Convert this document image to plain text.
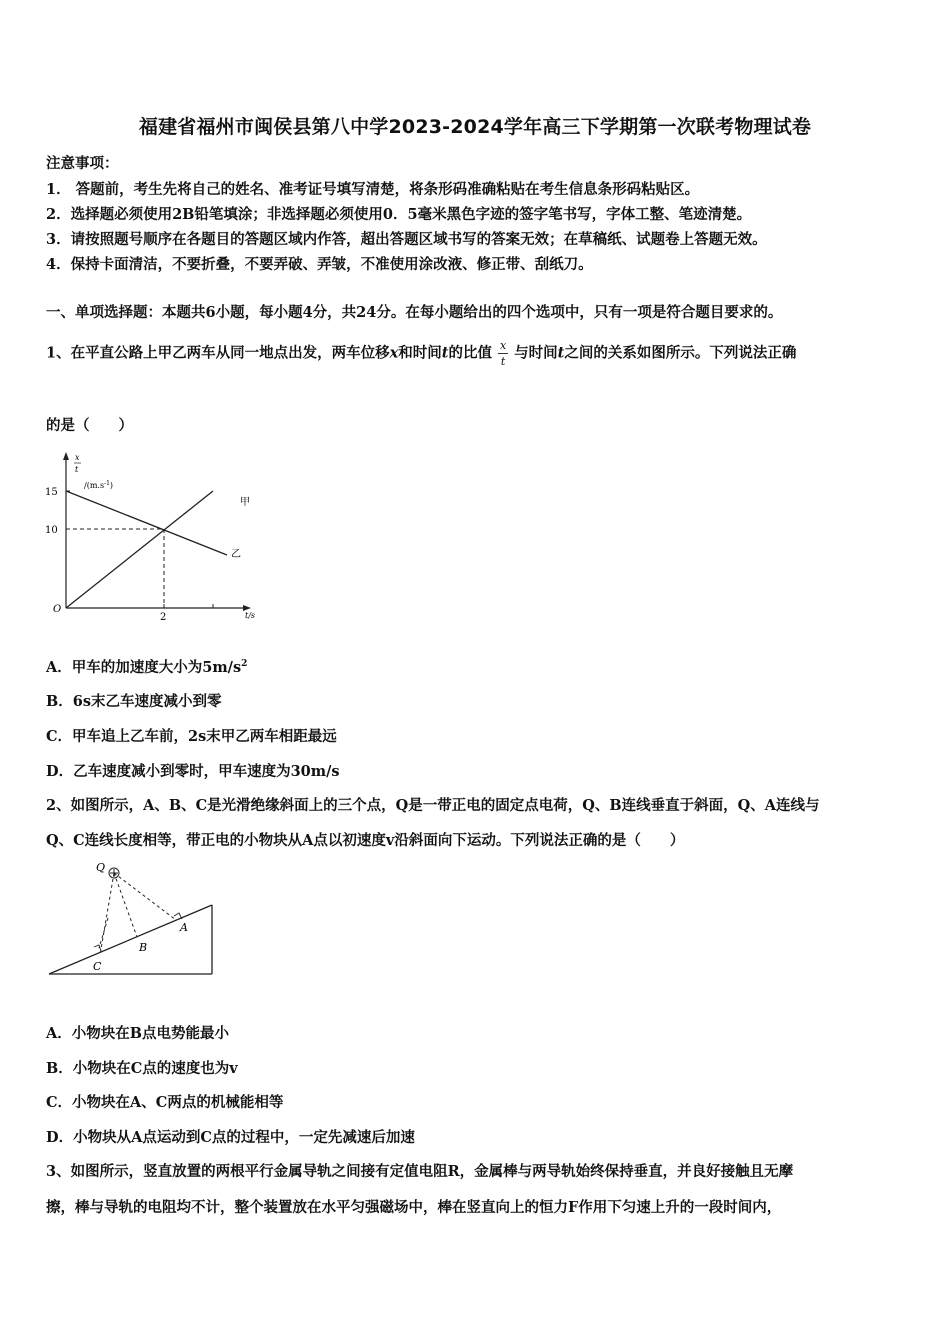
福建省福州市闽侯县第八中学2023-2024学年高三下学期第一次联考物理试卷
注意事项：
1． 答题前，考生先将自己的姓名、准考证号填写清楚，将条形码准确粘贴在考生信息条形码粘贴区。
2．选择题必须使用2B铅笔填涂；非选择题必须使用0．5毫米黑色字迹的签字笔书写，字体工整、笔迹清楚。
3．请按照题号顺序在各题目的答题区域内作答，超出答题区域书写的答案无效；在草稿纸、试题卷上答题无效。
4．保持卡面清洁，不要折叠，不要弄破、弄皱，不准使用涂改液、修正带、刮纸刀。
一、单项选择题：本题共6小题，每小题4分，共24分。在每小题给出的四个选项中，只有一项是符合题目要求的。
1、在平直公路上甲乙两车从同一地点出发，两车位移x和时间t的比值 $\frac{x}{t}$ 与时间t之间的关系如图所示。下列说法正确
的是（　　）
x
t
$/(m.s^{-1})$
15
10
O
2	t/s
甲
乙
A．甲车的加速度大小为$5m/s^2$
B．6s末乙车速度减小到零
C．甲车追上乙车前，2s末甲乙两车相距最远
D．乙车速度减小到零时，甲车速度为30m/s
2、如图所示，A、B、C是光滑绝缘斜面上的三个点，Q是一带正电的固定点电荷，Q、B连线垂直于斜面，Q、A连线与
Q、C连线长度相等，带正电的小物块从A点以初速度v沿斜面向下运动。下列说法正确的是（　　）
Q
A
B
C
A．小物块在B点电势能最小
B．小物块在C点的速度也为v
C．小物块在A、C两点的机械能相等
D．小物块从A点运动到C点的过程中，一定先减速后加速
3、如图所示，竖直放置的两根平行金属导轨之间接有定值电阻R，金属棒与两导轨始终保持垂直，并良好接触且无摩
擦，棒与导轨的电阻均不计，整个装置放在水平匀强磁场中，棒在竖直向上的恒力F作用下匀速上升的一段时间内，
